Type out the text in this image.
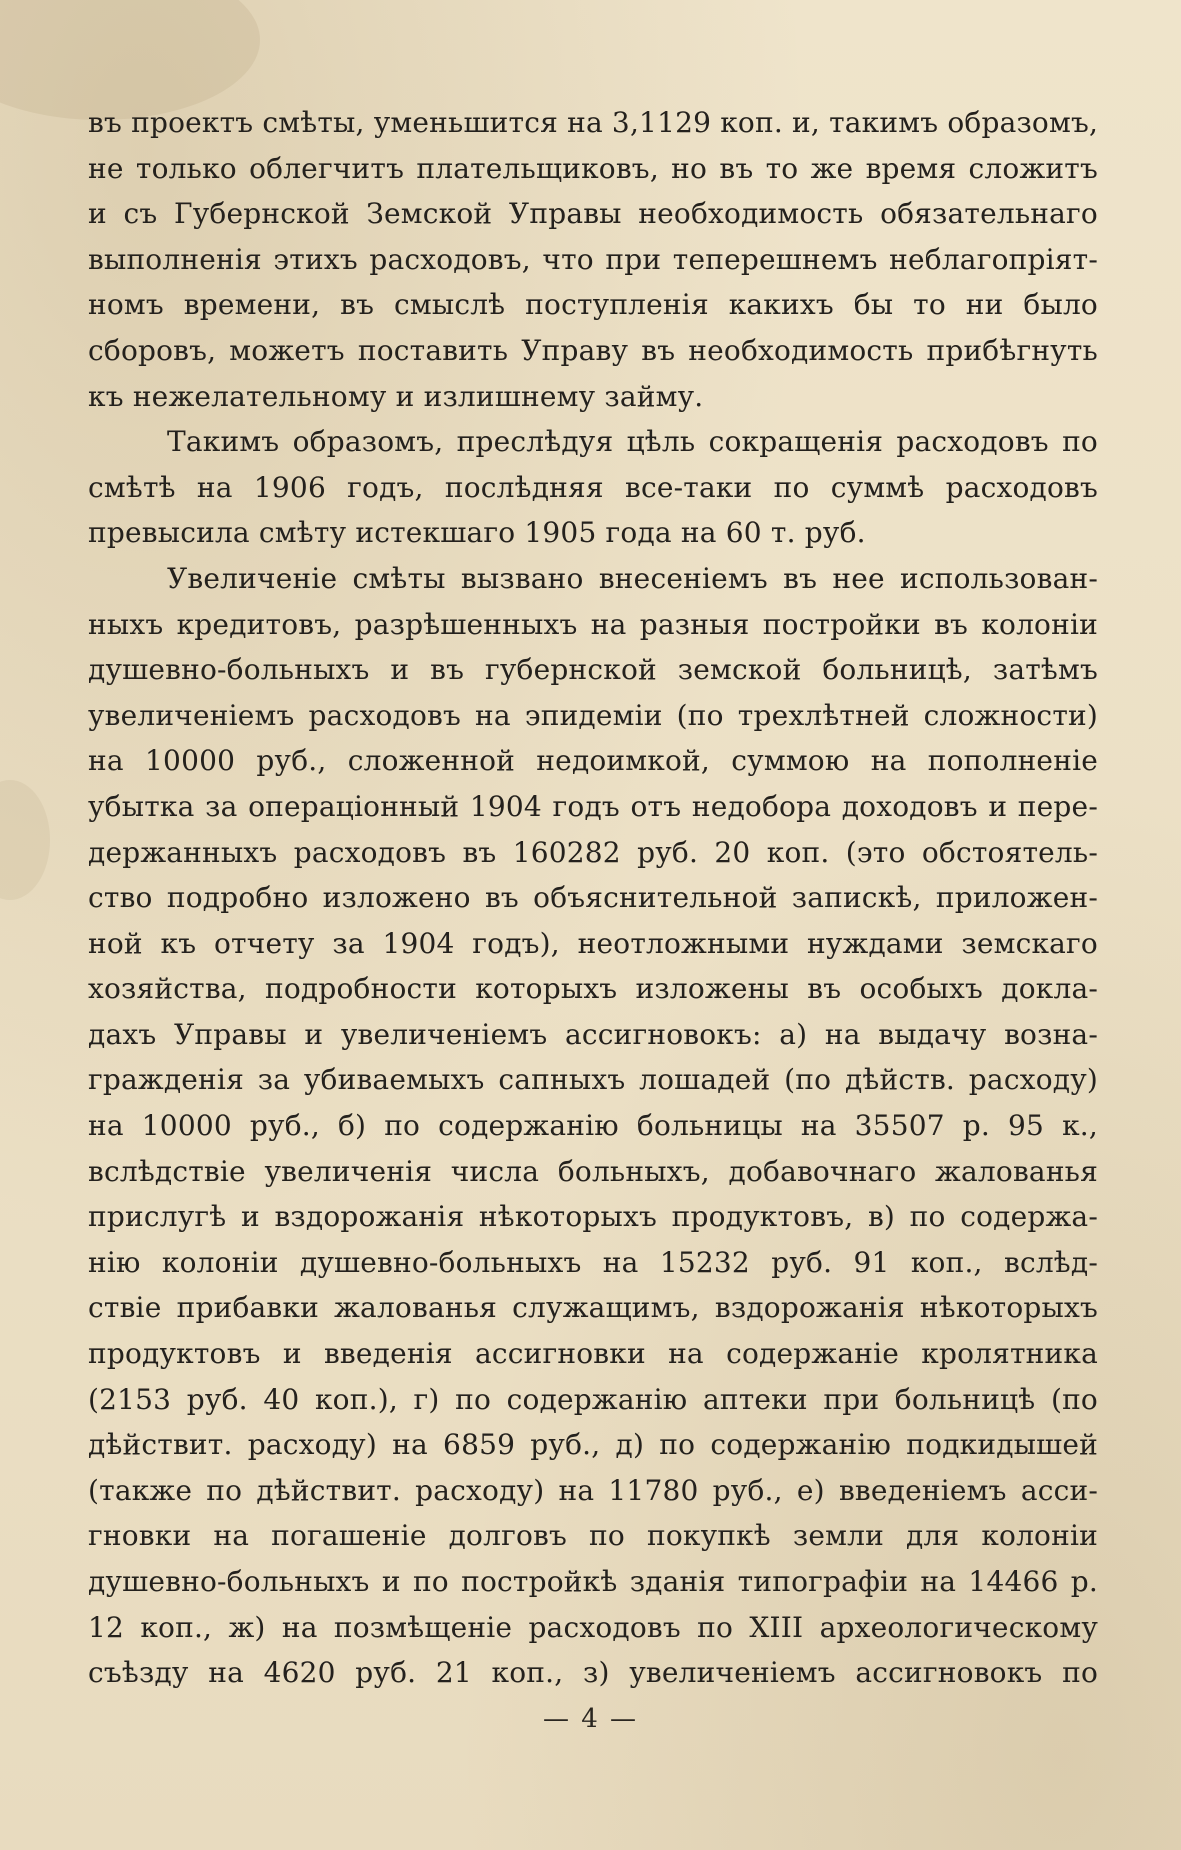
въ проектъ смѣты, уменьшится на 3,1129 коп. и, такимъ образомъ,
не только облегчитъ плательщиковъ, но въ то же время сложитъ
и съ Губернской Земской Управы необходимость обязательнаго
выполненія этихъ расходовъ, что при теперешнемъ неблагопріят-
номъ времени, въ смыслѣ поступленія какихъ бы то ни было
сборовъ, можетъ поставить Управу въ необходимость прибѣгнуть
къ нежелательному и излишнему займу.
Такимъ образомъ, преслѣдуя цѣль сокращенія расходовъ по
смѣтѣ на 1906 годъ, послѣдняя все-таки по суммѣ расходовъ
превысила смѣту истекшаго 1905 года на 60 т. руб.
Увеличеніе смѣты вызвано внесеніемъ въ нее использован-
ныхъ кредитовъ, разрѣшенныхъ на разныя постройки въ колоніи
душевно-больныхъ и въ губернской земской больницѣ, затѣмъ
увеличеніемъ расходовъ на эпидеміи (по трехлѣтней сложности)
на 10000 руб., сложенной недоимкой, суммою на пополненіе
убытка за операціонный 1904 годъ отъ недобора доходовъ и пере-
держанныхъ расходовъ въ 160282 руб. 20 коп. (это обстоятель-
ство подробно изложено въ объяснительной запискѣ, приложен-
ной къ отчету за 1904 годъ), неотложными нуждами земскаго
хозяйства, подробности которыхъ изложены въ особыхъ докла-
дахъ Управы и увеличеніемъ ассигновокъ: а) на выдачу возна-
гражденія за убиваемыхъ сапныхъ лошадей (по дѣйств. расходу)
на 10000 руб., б) по содержанію больницы на 35507 р. 95 к.,
вслѣдствіе увеличенія числа больныхъ, добавочнаго жалованья
прислугѣ и вздорожанія нѣкоторыхъ продуктовъ, в) по содержа-
нію колоніи душевно-больныхъ на 15232 руб. 91 коп., вслѣд-
ствіе прибавки жалованья служащимъ, вздорожанія нѣкоторыхъ
продуктовъ и введенія ассигновки на содержаніе кролятника
(2153 руб. 40 коп.), г) по содержанію аптеки при больницѣ (по
дѣйствит. расходу) на 6859 руб., д) по содержанію подкидышей
(также по дѣйствит. расходу) на 11780 руб., е) введеніемъ асси-
гновки на погашеніе долговъ по покупкѣ земли для колоніи
душевно-больныхъ и по постройкѣ зданія типографіи на 14466 р.
12 коп., ж) на позмѣщеніе расходовъ по XIII археологическому
съѣзду на 4620 руб. 21 коп., з) увеличеніемъ ассигновокъ по
— 4 —
